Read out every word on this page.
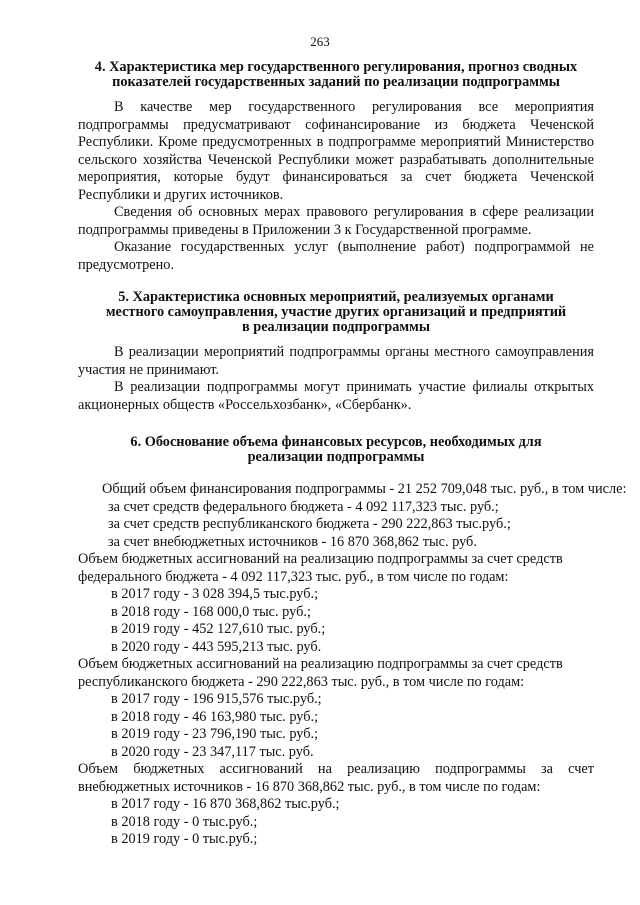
263
4. Характеристика мер государственного регулирования, прогноз сводных
показателей государственных заданий по реализации подпрограммы

В качестве мер государственного регулирования все мероприятия подпрограммы предусматривают софинансирование из бюджета Чеченской Республики. Кроме предусмотренных в подпрограмме мероприятий Министерство сельского хозяйства Чеченской Республики может разрабатывать дополнительные мероприятия, которые будут финансироваться за счет бюджета Чеченской Республики и других источников.

Сведения об основных мерах правового регулирования в сфере реализации подпрограммы приведены в Приложении 3 к Государственной программе.

Оказание государственных услуг (выполнение работ) подпрограммой не предусмотрено.

5. Характеристика основных мероприятий, реализуемых органами
местного самоуправления, участие других организаций и предприятий
в реализации подпрограммы

В реализации мероприятий подпрограммы органы местного самоуправления участия не принимают.

В реализации подпрограммы могут принимать участие филиалы открытых акционерных обществ «Россельхозбанк», «Сбербанк».

6. Обоснование объема финансовых ресурсов, необходимых для
реализации подпрограммы

Общий объем финансирования подпрограммы - 21 252 709,048 тыс. руб., в том числе:

за счет средств федерального бюджета - 4 092 117,323 тыс. руб.;

за счет средств республиканского бюджета - 290 222,863 тыс.руб.;

за счет внебюджетных источников - 16 870 368,862 тыс. руб.

Объем бюджетных ассигнований на реализацию подпрограммы за счет средств

федерального бюджета - 4 092 117,323 тыс. руб., в том числе по годам:

в 2017 году - 3 028 394,5 тыс.руб.;

в 2018 году - 168 000,0 тыс. руб.;

в 2019 году - 452 127,610 тыс. руб.;

в 2020 году - 443 595,213 тыс. руб.

Объем бюджетных ассигнований на реализацию подпрограммы за счет средств

республиканского бюджета - 290 222,863 тыс. руб., в том числе по годам:

в 2017 году - 196 915,576 тыс.руб.;

в 2018 году - 46 163,980 тыс. руб.;

в 2019 году - 23 796,190 тыс. руб.;

в 2020 году - 23 347,117 тыс. руб.

Объем бюджетных ассигнований на реализацию подпрограммы за счет

внебюджетных источников - 16 870 368,862 тыс. руб., в том числе по годам:

в 2017 году - 16 870 368,862 тыс.руб.;

в 2018 году - 0 тыс.руб.;

в 2019 году - 0 тыс.руб.;
